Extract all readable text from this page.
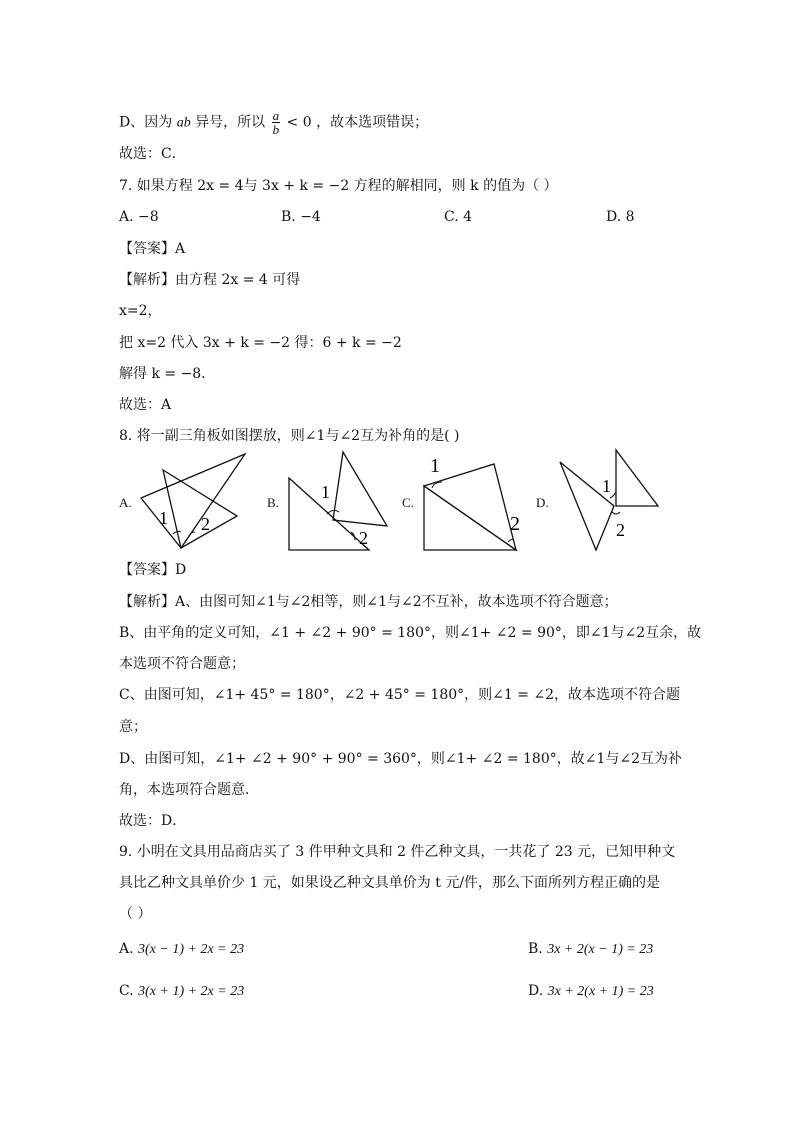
D、因为 ab 异号，所以 $\frac{a}{b} < 0$ ，故本选项错误；
故选：C．
7. 如果方程 2x = 4与 3x + k = −2 方程的解相同，则 k 的值为（ ）
A. −8	B. −4	C. 4	D. 8
【答案】A
【解析】由方程 2x = 4 可得
x=2，
把 x=2 代入 3x + k = −2 得：6 + k = −2
解得 k = −8．
故选：A
8. 将一副三角板如图摆放，则∠1与∠2互为补角的是( )
A.
1 2
B.
1
2
C.
1
2
D.
1
2
【答案】D
【解析】A、由图可知∠1与∠2相等，则∠1与∠2不互补，故本选项不符合题意；
B、由平角的定义可知，∠1 + ∠2 + 90° = 180°，则∠1+ ∠2 = 90°，即∠1与∠2互余，故
本选项不符合题意；
C、由图可知，∠1+ 45° = 180°，∠2 + 45° = 180°，则∠1 = ∠2，故本选项不符合题
意；
D、由图可知，∠1+ ∠2 + 90° + 90° = 360°，则∠1+ ∠2 = 180°，故∠1与∠2互为补
角，本选项符合题意．
故选：D．
9. 小明在文具用品商店买了 3 件甲种文具和 2 件乙种文具，一共花了 23 元，已知甲种文
具比乙种文具单价少 1 元，如果设乙种文具单价为 t 元/件，那么下面所列方程正确的是
（ ）
A. 3(x − 1) + 2x = 23	B. 3x + 2(x − 1) = 23
C. 3(x + 1) + 2x = 23	D. 3x + 2(x + 1) = 23
